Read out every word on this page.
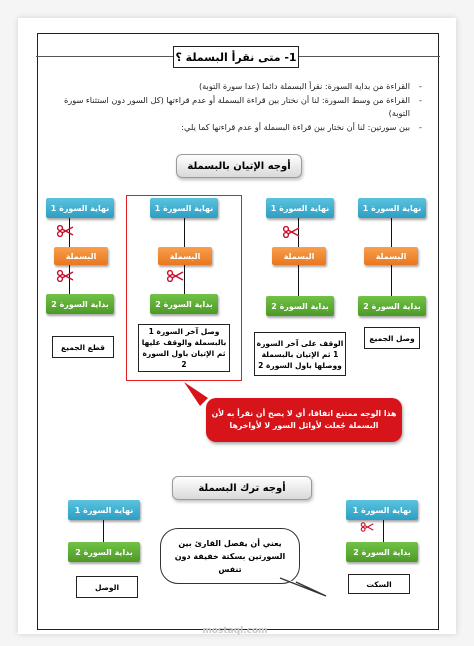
1- متى نقرأ البسملة ؟
- القراءة من بداية السورة: نقرأ البسملة دائما (عدا سورة التوبة)
- القراءة من وسط السورة: لنا أن نختار بين قراءة البسملة أو عدم قراءتها (كل السور دون استثناء سورة التوبة)
- بين سورتين: لنا أن نختار بين قراءة البسملة أو عدم قراءتها كما يلي:
أوجه الإتيان بالبسملة
نهاية السورة 1
البسملة
بداية السورة 2
وصل الجميع
نهاية السورة 1
البسملة
بداية السورة 2
الوقف على آخر السورة 1 ثم الإتيان بالبسملة ووصلها باول السورة 2
نهاية السورة 1
البسملة
بداية السورة 2
وصل آخر السورة 1 بالبسملة والوقف عليها ثم الإتيان باول السورة 2
نهاية السورة 1
البسملة
بداية السورة 2
قطع الجميع
هذا الوجه ممتنع اتفاقا، أي لا يصح أن نقرأ به لأن البسملة جُعلت لأوائل السور لا لأواخرها
أوجه ترك البسملة
نهاية السورة 1
بداية السورة 2
السكت
يعني أن يفصل القارئ بين السورتين بسكتة خفيفة دون تنفس
نهاية السورة 1
بداية السورة 2
الوصل
mostaql.com
